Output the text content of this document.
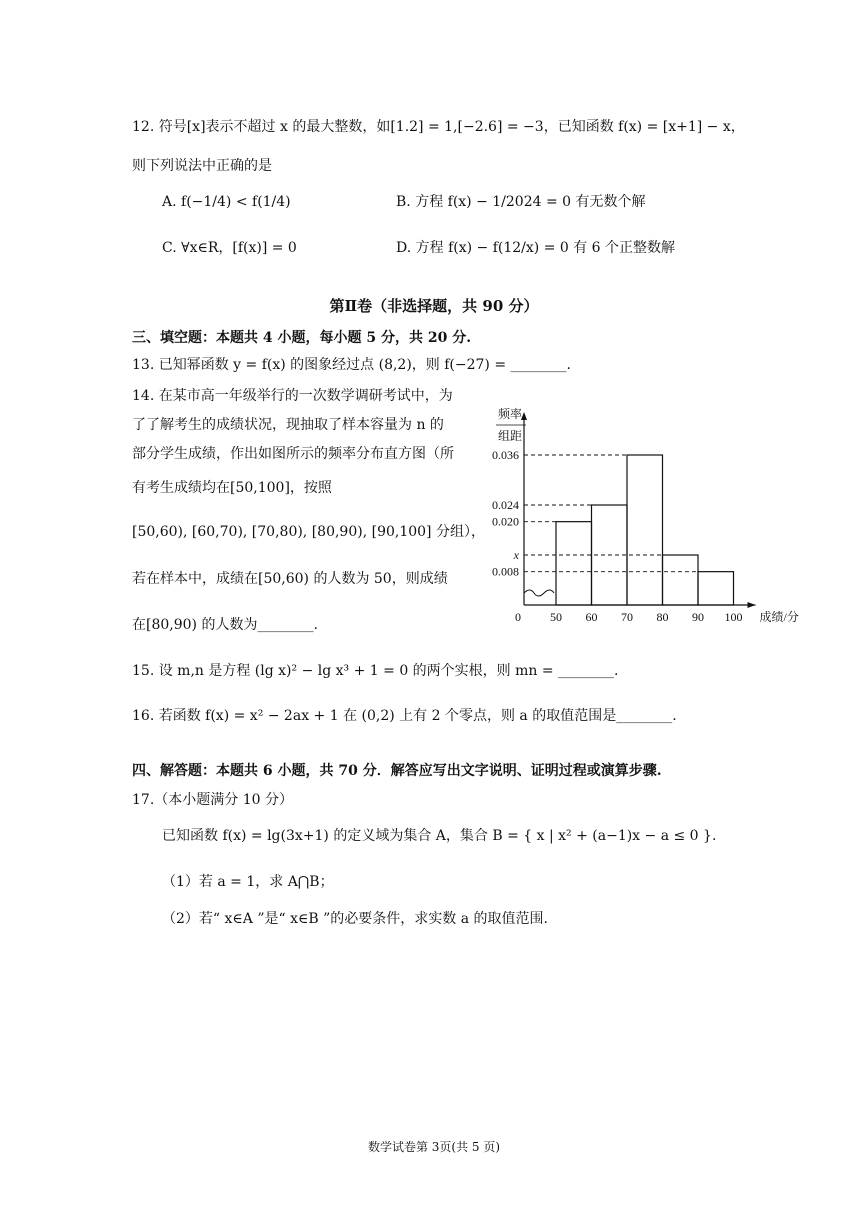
12. 符号[x]表示不超过 x 的最大整数，如[1.2] = 1,[−2.6] = −3，已知函数 f(x) = [x+1] − x，
则下列说法中正确的是
A. f(−1/4) < f(1/4)	B. 方程 f(x) − 1/2024 = 0 有无数个解
C. ∀x∈R，[f(x)] = 0	D. 方程 f(x) − f(12/x) = 0 有 6 个正整数解
第Ⅱ卷（非选择题，共 90 分）
三、填空题：本题共 4 小题，每小题 5 分，共 20 分.
13. 已知幂函数 y = f(x) 的图象经过点 (8,2)，则 f(−27) = ________.
14. 在某市高一年级举行的一次数学调研考试中，为
了了解考生的成绩状况，现抽取了样本容量为 n 的
部分学生成绩，作出如图所示的频率分布直方图（所
有考生成绩均在[50,100]，按照
[50,60), [60,70), [70,80), [80,90), [90,100] 分组），
若在样本中，成绩在[50,60) 的人数为 50，则成绩
在[80,90) 的人数为________.
0.036
0.024
0.020
x
0.008
频率
组距
0 50 60 70 80 90 100 成绩/分
15. 设 m,n 是方程 (lg x)² − lg x³ + 1 = 0 的两个实根，则 mn = ________.
16. 若函数 f(x) = x² − 2ax + 1 在 (0,2) 上有 2 个零点，则 a 的取值范围是________.
四、解答题：本题共 6 小题，共 70 分．解答应写出文字说明、证明过程或演算步骤.
17.（本小题满分 10 分）
已知函数 f(x) = lg(3x+1) 的定义域为集合 A，集合 B = { x | x² + (a−1)x − a ≤ 0 }.
（1）若 a = 1，求 A⋂B；
（2）若“ x∈A ”是“ x∈B ”的必要条件，求实数 a 的取值范围.
数学试卷第 3页(共 5 页)
